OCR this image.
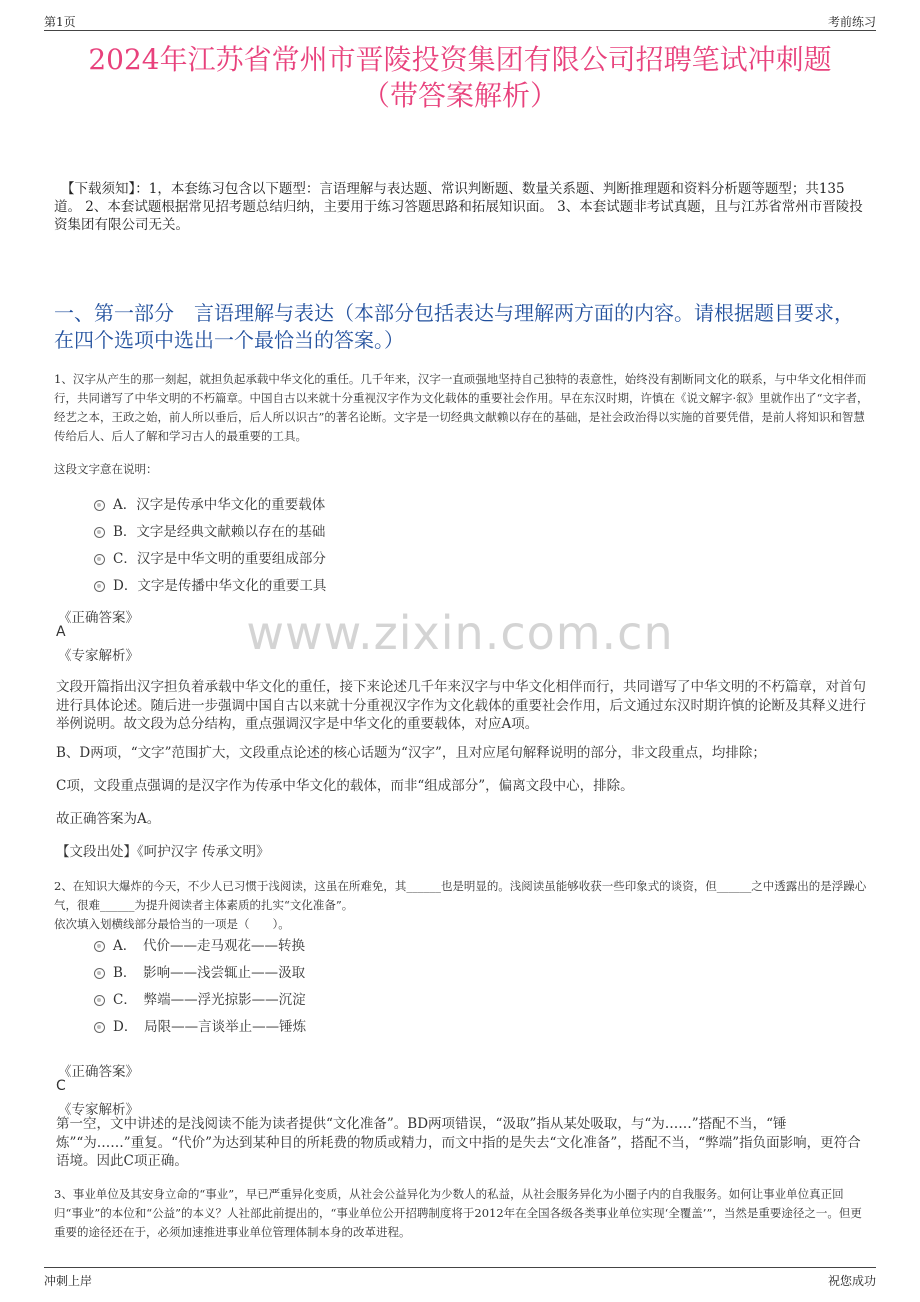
第1页	考前练习
2024年江苏省常州市晋陵投资集团有限公司招聘笔试冲刺题
（带答案解析）
【下载须知】：1，本套练习包含以下题型：言语理解与表达题、常识判断题、数量关系题、判断推理题和资料分析题等题型；共135道。 2、本套试题根据常见招考题总结归纳，主要用于练习答题思路和拓展知识面。 3、本套试题非考试真题，且与江苏省常州市晋陵投资集团有限公司无关。
一、第一部分　言语理解与表达（本部分包括表达与理解两方面的内容。请根据题目要求，在四个选项中选出一个最恰当的答案。）
1、汉字从产生的那一刻起，就担负起承载中华文化的重任。几千年来，汉字一直顽强地坚持自己独特的表意性，始终没有割断同文化的联系，与中华文化相伴而行，共同谱写了中华文明的不朽篇章。中国自古以来就十分重视汉字作为文化载体的重要社会作用。早在东汉时期，许慎在《说文解字·叙》里就作出了“文字者，经艺之本，王政之始，前人所以垂后，后人所以识古”的著名论断。文字是一切经典文献赖以存在的基础，是社会政治得以实施的首要凭借，是前人将知识和智慧传给后人、后人了解和学习古人的最重要的工具。
这段文字意在说明：
A．汉字是传承中华文化的重要载体
B．文字是经典文献赖以存在的基础
C．汉字是中华文明的重要组成部分
D．文字是传播中华文化的重要工具
《正确答案》
A
《专家解析》	www.zixin.com.cn
文段开篇指出汉字担负着承载中华文化的重任，接下来论述几千年来汉字与中华文化相伴而行，共同谱写了中华文明的不朽篇章，对首句进行具体论述。随后进一步强调中国自古以来就十分重视汉字作为文化载体的重要社会作用，后文通过东汉时期许慎的论断及其释义进行举例说明。故文段为总分结构，重点强调汉字是中华文化的重要载体，对应A项。
B、D两项，“文字”范围扩大，文段重点论述的核心话题为“汉字”，且对应尾句解释说明的部分，非文段重点，均排除；
C项，文段重点强调的是汉字作为传承中华文化的载体，而非“组成部分”，偏离文段中心，排除。
故正确答案为A。
【文段出处】《呵护汉字 传承文明》
2、在知识大爆炸的今天，不少人已习惯于浅阅读，这虽在所难免，其______也是明显的。浅阅读虽能够收获一些印象式的谈资，但______之中透露出的是浮躁心气，很难______为提升阅读者主体素质的扎实“文化准备”。
依次填入划横线部分最恰当的一项是（　　）。
A．　代价——走马观花——转换
B．　影响——浅尝辄止——汲取
C．　弊端——浮光掠影——沉淀
D．　局限——言谈举止——锤炼
《正确答案》
C
《专家解析》
第一空，文中讲述的是浅阅读不能为读者提供“文化准备”。BD两项错误，“汲取”指从某处吸取，与“为……”搭配不当，“锤炼”“为……”重复。“代价”为达到某种目的所耗费的物质或精力，而文中指的是失去“文化准备”，搭配不当，“弊端”指负面影响，更符合语境。因此C项正确。
3、事业单位及其安身立命的“事业”，早已严重异化变质，从社会公益异化为少数人的私益，从社会服务异化为小圈子内的自我服务。如何让事业单位真正回归“事业”的本位和“公益”的本义？人社部此前提出的，“事业单位公开招聘制度将于2012年在全国各级各类事业单位实现‘全覆盖’”，当然是重要途径之一。但更重要的途径还在于，必须加速推进事业单位管理体制本身的改革进程。
冲刺上岸	祝您成功
